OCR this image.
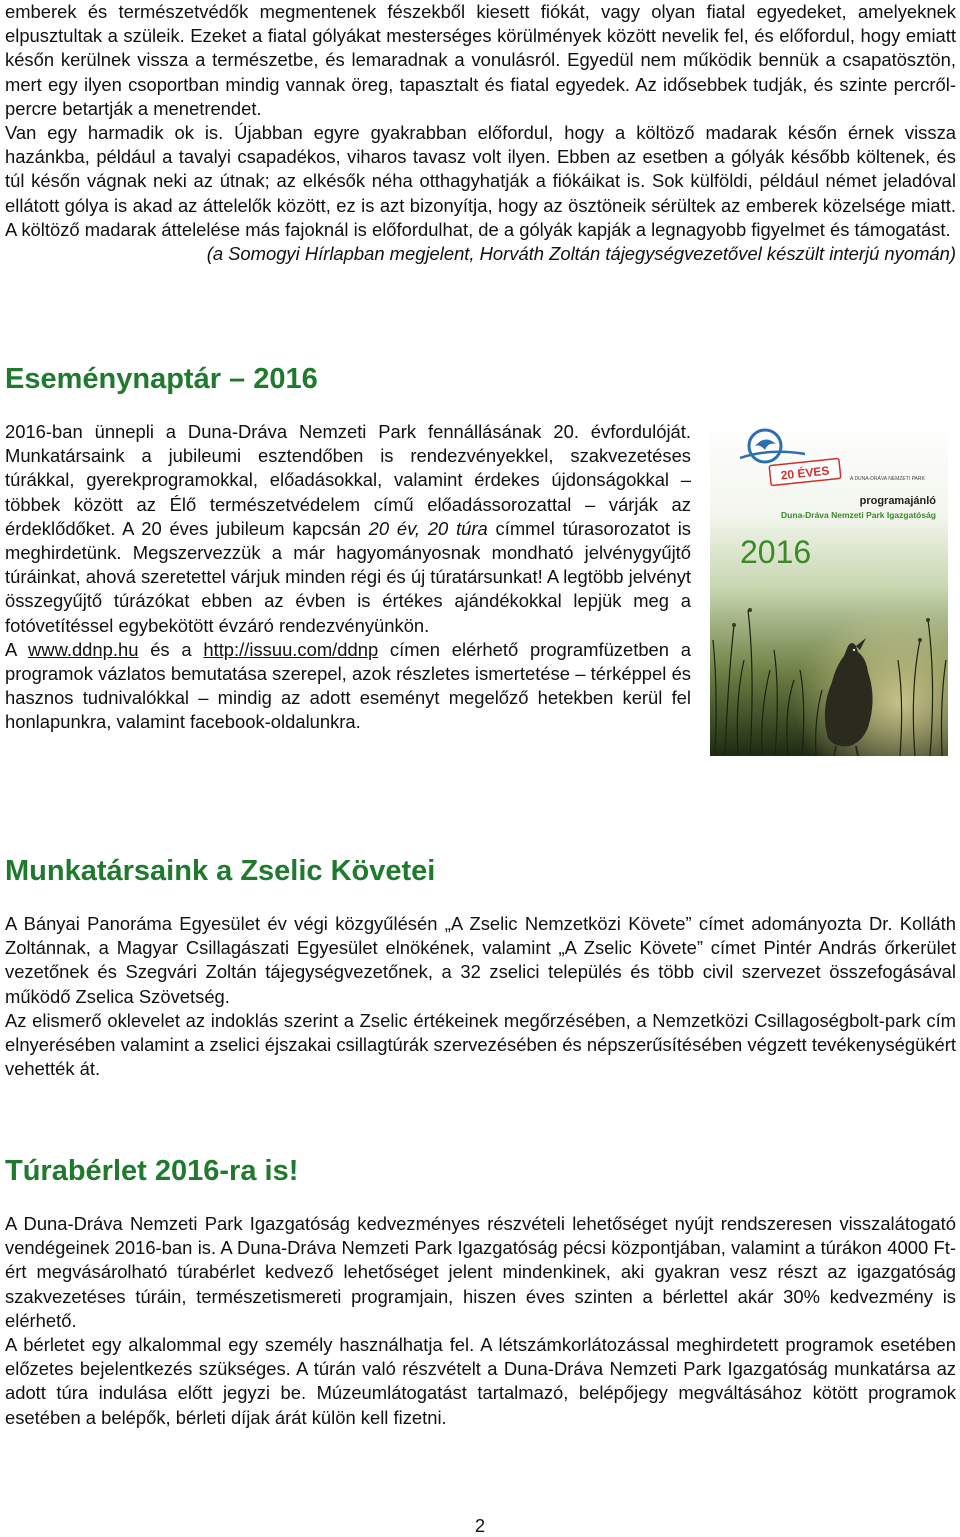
emberek és természetvédők megmentenek fészekből kiesett fiókát, vagy olyan fiatal egyedeket, amelyeknek elpusztultak a szüleik. Ezeket a fiatal gólyákat mesterséges körülmények között nevelik fel, és előfordul, hogy emiatt későn kerülnek vissza a természetbe, és lemaradnak a vonulásról. Egyedül nem működik bennük a csapatösztön, mert egy ilyen csoportban mindig vannak öreg, tapasztalt és fiatal egyedek. Az idősebbek tudják, és szinte percről-percre betartják a menetrendet.

Van egy harmadik ok is. Újabban egyre gyakrabban előfordul, hogy a költöző madarak későn érnek vissza hazánkba, például a tavalyi csapadékos, viharos tavasz volt ilyen. Ebben az esetben a gólyák később költenek, és túl későn vágnak neki az útnak; az elkésők néha otthagyhatják a fiókáikat is. Sok külföldi, például német jeladóval ellátott gólya is akad az áttelelők között, ez is azt bizonyítja, hogy az ösztöneik sérültek az emberek közelsége miatt. A költöző madarak áttelelése más fajoknál is előfordulhat, de a gólyák kapják a legnagyobb figyelmet és támogatást.

(a Somogyi Hírlapban megjelent, Horváth Zoltán tájegységvezetővel készült interjú nyomán)

Eseménynaptár – 2016

2016-ban ünnepli a Duna-Dráva Nemzeti Park fennállásának 20. évfordulóját. Munkatársaink a jubileumi esztendőben is rendezvényekkel, szakvezetéses túrákkal, gyerekprogramokkal, előadásokkal, valamint érdekes újdonságokkal – többek között az Élő természetvédelem című előadássorozattal – várják az érdeklődőket. A 20 éves jubileum kapcsán 20 év, 20 túra címmel túrasorozatot is meghirdetünk. Megszervezzük a már hagyományosnak mondható jelvénygyűjtő túráinkat, ahová szeretettel várjuk minden régi és új túratársunkat! A legtöbb jelvényt összegyűjtő túrázókat ebben az évben is értékes ajándékokkal lepjük meg a fotóvetítéssel egybekötött évzáró rendezvényünkön.

A www.ddnp.hu és a http://issuu.com/ddnp címen elérhető programfüzetben a programok vázlatos bemutatása szerepel, azok részletes ismertetése – térképpel és hasznos tudnivalókkal – mindig az adott eseményt megelőző hetekben kerül fel honlapunkra, valamint facebook-oldalunkra.

20 ÉVES	A DUNA-DRÁVA NEMZETI PARK
programajánló
Duna-Dráva Nemzeti Park Igazgatóság
2016
Munkatársaink a Zselic Követei

A Bányai Panoráma Egyesület év végi közgyűlésén „A Zselic Nemzetközi Követe” címet adományozta Dr. Kolláth Zoltánnak, a Magyar Csillagászati Egyesület elnökének, valamint „A Zselic Követe” címet Pintér András őrkerület vezetőnek és Szegvári Zoltán tájegységvezetőnek, a 32 zselici település és több civil szervezet összefogásával működő Zselica Szövetség.

Az elismerő oklevelet az indoklás szerint a Zselic értékeinek megőrzésében, a Nemzetközi Csillagoségbolt-park cím elnyerésében valamint a zselici éjszakai csillagtúrák szervezésében és népszerűsítésében végzett tevékenységükért vehették át.

Túrabérlet 2016-ra is!

A Duna-Dráva Nemzeti Park Igazgatóság kedvezményes részvételi lehetőséget nyújt rendszeresen visszalátogató vendégeinek 2016-ban is. A Duna-Dráva Nemzeti Park Igazgatóság pécsi központjában, valamint a túrákon 4000 Ft-ért megvásárolható túrabérlet kedvező lehetőséget jelent mindenkinek, aki gyakran vesz részt az igazgatóság szakvezetéses túráin, természetismereti programjain, hiszen éves szinten a bérlettel akár 30% kedvezmény is elérhető.

A bérletet egy alkalommal egy személy használhatja fel. A létszámkorlátozással meghirdetett programok esetében előzetes bejelentkezés szükséges. A túrán való részvételt a Duna-Dráva Nemzeti Park Igazgatóság munkatársa az adott túra indulása előtt jegyzi be. Múzeumlátogatást tartalmazó, belépőjegy megváltásához kötött programok esetében a belépők, bérleti díjak árát külön kell fizetni.

2
